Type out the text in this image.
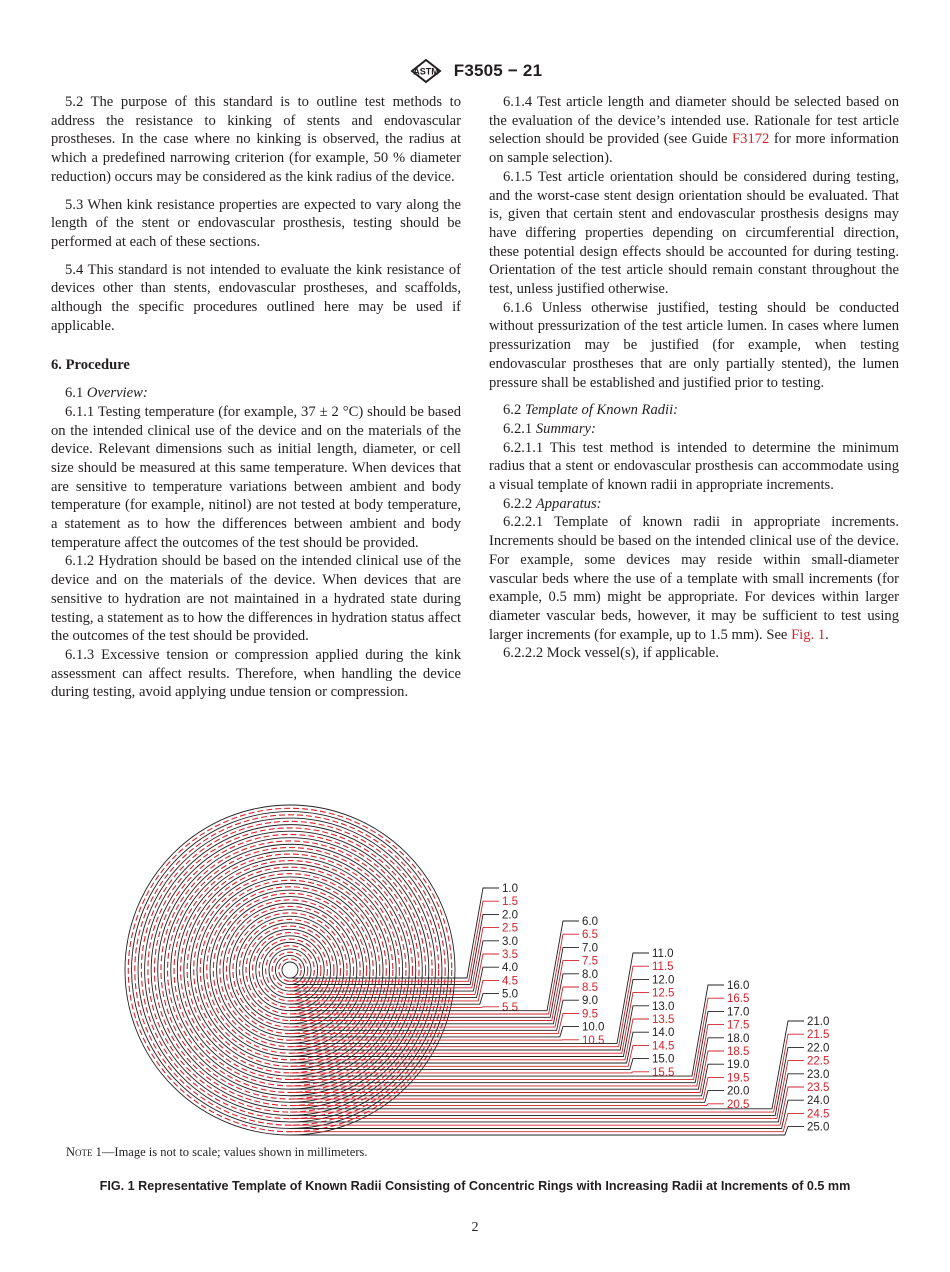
ASTM F3505 − 21

5.2 The purpose of this standard is to outline test methods to address the resistance to kinking of stents and endovascular prostheses. In the case where no kinking is observed, the radius at which a predefined narrowing criterion (for example, 50 % diameter reduction) occurs may be considered as the kink radius of the device.

5.3 When kink resistance properties are expected to vary along the length of the stent or endovascular prosthesis, testing should be performed at each of these sections.

5.4 This standard is not intended to evaluate the kink resistance of devices other than stents, endovascular prostheses, and scaffolds, although the specific procedures outlined here may be used if applicable.

6. Procedure

6.1 Overview:

6.1.1 Testing temperature (for example, 37 ± 2 °C) should be based on the intended clinical use of the device and on the materials of the device. Relevant dimensions such as initial length, diameter, or cell size should be measured at this same temperature. When devices that are sensitive to temperature variations between ambient and body temperature (for example, nitinol) are not tested at body temperature, a statement as to how the differences between ambient and body temperature affect the outcomes of the test should be provided.

6.1.2 Hydration should be based on the intended clinical use of the device and on the materials of the device. When devices that are sensitive to hydration are not maintained in a hydrated state during testing, a statement as to how the differences in hydration status affect the outcomes of the test should be provided.

6.1.3 Excessive tension or compression applied during the kink assessment can affect results. Therefore, when handling the device during testing, avoid applying undue tension or compression.

6.1.4 Test article length and diameter should be selected based on the evaluation of the device’s intended use. Rationale for test article selection should be provided (see Guide F3172 for more information on sample selection).

6.1.5 Test article orientation should be considered during testing, and the worst-case stent design orientation should be evaluated. That is, given that certain stent and endovascular prosthesis designs may have differing properties depending on circumferential direction, these potential design effects should be accounted for during testing. Orientation of the test article should remain constant throughout the test, unless justified otherwise.

6.1.6 Unless otherwise justified, testing should be conducted without pressurization of the test article lumen. In cases where lumen pressurization may be justified (for example, when testing endovascular prostheses that are only partially stented), the lumen pressure shall be established and justified prior to testing.

6.2 Template of Known Radii:

6.2.1 Summary:

6.2.1.1 This test method is intended to determine the minimum radius that a stent or endovascular prosthesis can accommodate using a visual template of known radii in appropriate increments.

6.2.2 Apparatus:

6.2.2.1 Template of known radii in appropriate increments. Increments should be based on the intended clinical use of the device. For example, some devices may reside within small-diameter vascular beds where the use of a template with small increments (for example, 0.5 mm) might be appropriate. For devices within larger diameter vascular beds, however, it may be sufficient to test using larger increments (for example, up to 1.5 mm). See Fig. 1.

6.2.2.2 Mock vessel(s), if applicable.

1.0
1.5
2.0
2.5
3.0
3.5
4.0
4.5
5.0
5.5
6.0
6.5
7.0
7.5
8.0
8.5
9.0
9.5
10.0
10.5
11.0
11.5
12.0
12.5
13.0
13.5
14.0
14.5
15.0
15.5
16.0
16.5
17.0
17.5
18.0
18.5
19.0
19.5
20.0
20.5
21.0
21.5
22.0
22.5
23.0
23.5
24.0
24.5
25.0
Note 1—Image is not to scale; values shown in millimeters.
FIG. 1 Representative Template of Known Radii Consisting of Concentric Rings with Increasing Radii at Increments of 0.5 mm
2
